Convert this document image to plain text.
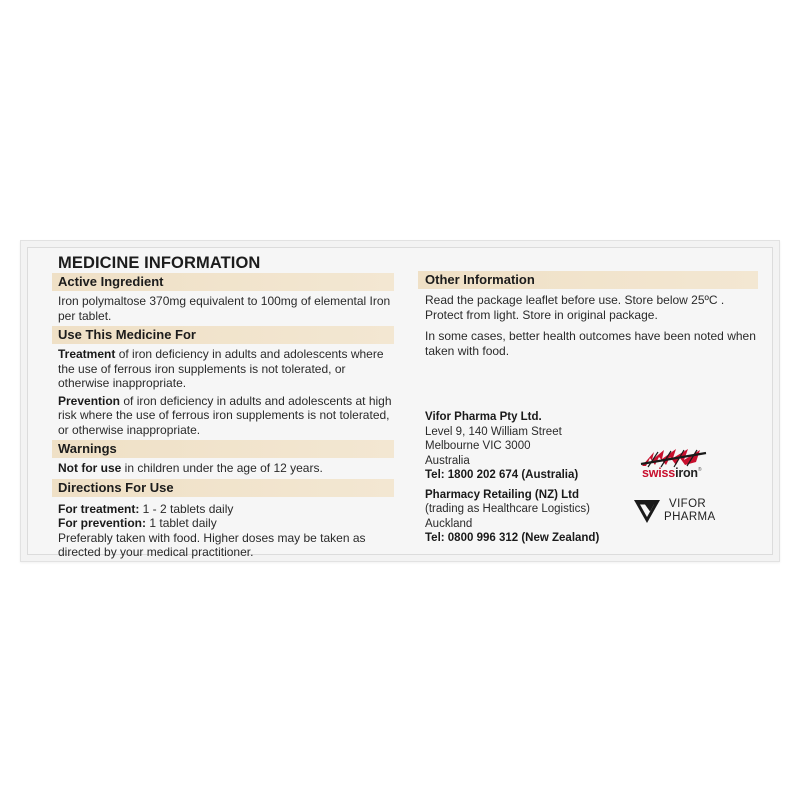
MEDICINE INFORMATION
Active Ingredient

Iron polymaltose 370mg equivalent to 100mg of elemental Iron per tablet.

Use This Medicine For

Treatment of iron deficiency in adults and adolescents where the use of ferrous iron supplements is not tolerated, or otherwise inappropriate.

Prevention of iron deficiency in adults and adolescents at high risk where the use of ferrous iron supplements is not tolerated, or otherwise inappropriate.

Warnings

Not for use in children under the age of 12 years.

Directions For Use
For treatment: 1 - 2 tablets daily
For prevention: 1 tablet daily
Preferably taken with food. Higher doses may be taken as directed by your medical practitioner.
Other Information

Read the package leaflet before use. Store below 25ºC . Protect from light. Store in original package.

In some cases, better health outcomes have been noted when taken with food.

Vifor Pharma Pty Ltd.

Level 9, 140 William Street

Melbourne VIC 3000

Australia

Tel: 1800 202 674 (Australia)

Pharmacy Retailing (NZ) Ltd

(trading as Healthcare Logistics)

Auckland

Tel: 0800 996 312 (New Zealand)

swissiron®
VIFOR
PHARMA
